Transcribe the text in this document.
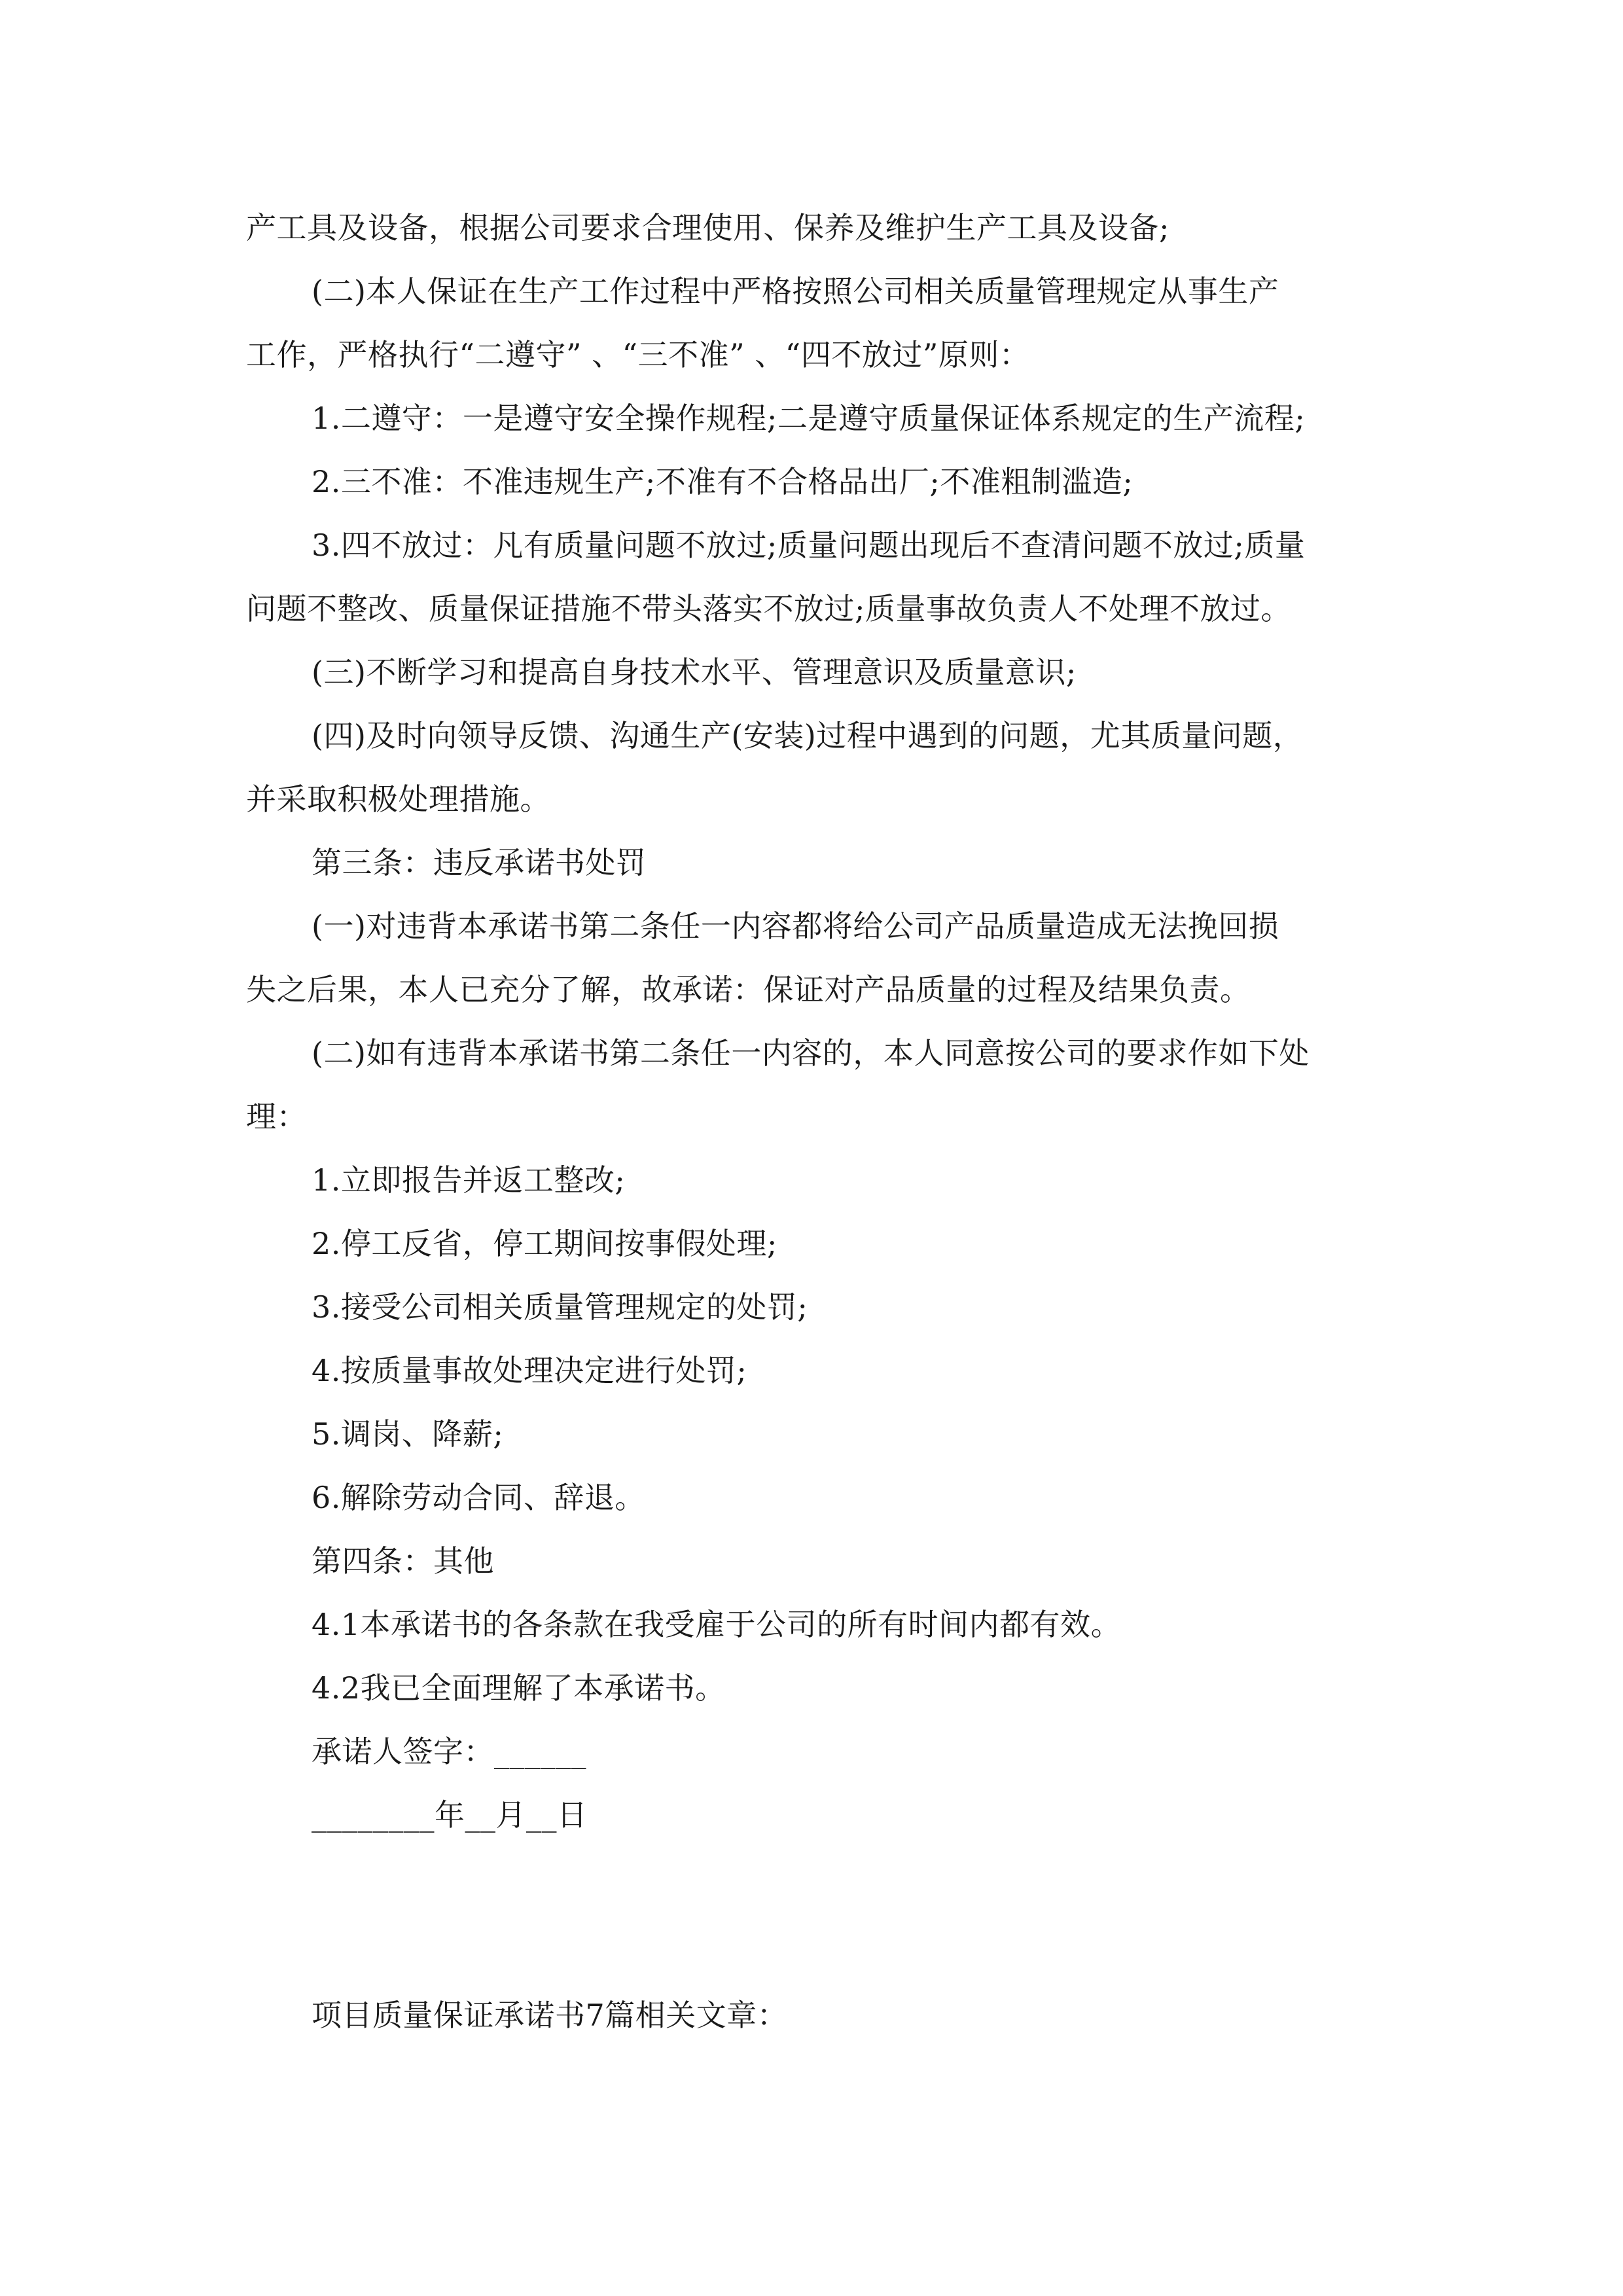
产工具及设备，根据公司要求合理使用、保养及维护生产工具及设备;
(二)本人保证在生产工作过程中严格按照公司相关质量管理规定从事生产
工作，严格执行“二遵守” 、“三不准” 、“四不放过”原则：
1.二遵守：一是遵守安全操作规程;二是遵守质量保证体系规定的生产流程;
2.三不准：不准违规生产;不准有不合格品出厂;不准粗制滥造;
3.四不放过：凡有质量问题不放过;质量问题出现后不查清问题不放过;质量
问题不整改、质量保证措施不带头落实不放过;质量事故负责人不处理不放过。
(三)不断学习和提高自身技术水平、管理意识及质量意识;
(四)及时向领导反馈、沟通生产(安装)过程中遇到的问题，尤其质量问题，
并采取积极处理措施。
第三条：违反承诺书处罚
(一)对违背本承诺书第二条任一内容都将给公司产品质量造成无法挽回损
失之后果，本人已充分了解，故承诺：保证对产品质量的过程及结果负责。
(二)如有违背本承诺书第二条任一内容的，本人同意按公司的要求作如下处
理：
1.立即报告并返工整改;
2.停工反省，停工期间按事假处理;
3.接受公司相关质量管理规定的处罚;
4.按质量事故处理决定进行处罚;
5.调岗、降薪;
6.解除劳动合同、辞退。
第四条：其他
4.1本承诺书的各条款在我受雇于公司的所有时间内都有效。
4.2我已全面理解了本承诺书。
承诺人签字：______
________年__月__日
项目质量保证承诺书7篇相关文章：
